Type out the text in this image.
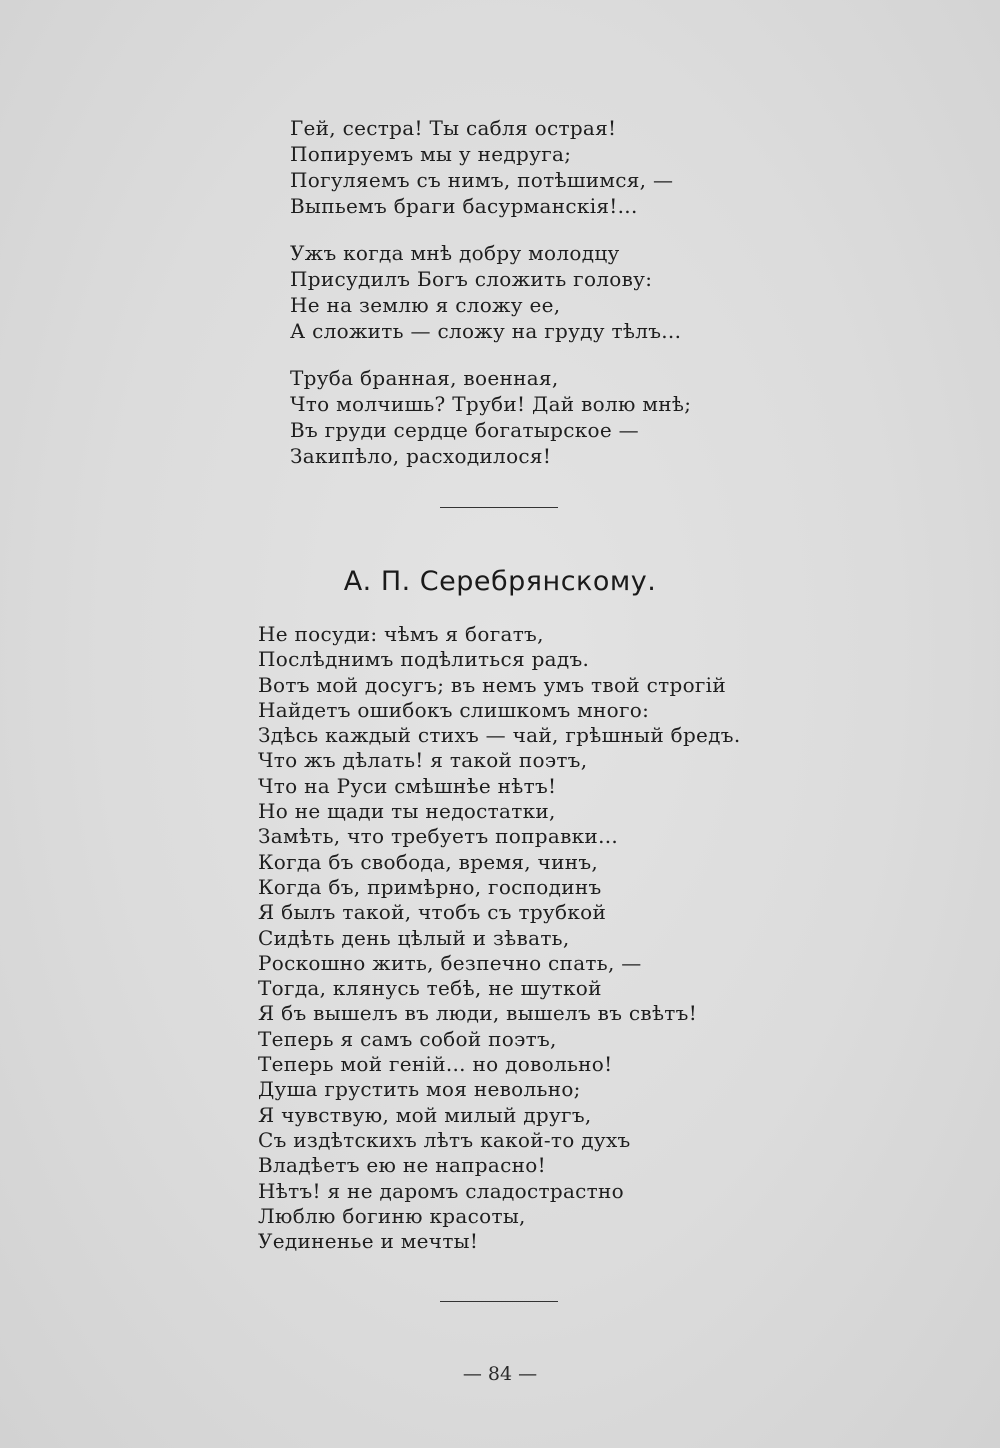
Гей, сестра! Ты сабля острая!
Попируемъ мы у недруга;
Погуляемъ съ нимъ, потѣшимся, —
Выпьемъ браги басурманскія!...
Ужъ когда мнѣ добру молодцу
Присудилъ Богъ сложить голову:
Не на землю я сложу ее,
А сложить — сложу на груду тѣлъ...
Труба бранная, военная,
Что молчишь? Труби! Дай волю мнѣ;
Въ груди сердце богатырское —
Закипѣло, расходилося!
А. П. Серебрянскому.
Не посуди: чѣмъ я богатъ,
Послѣднимъ подѣлиться радъ.
Вотъ мой досугъ; въ немъ умъ твой строгій
Найдетъ ошибокъ слишкомъ много:
Здѣсь каждый стихъ — чай, грѣшный бредъ.
Что жъ дѣлать! я такой поэтъ,
Что на Руси смѣшнѣе нѣтъ!
Но не щади ты недостатки,
Замѣть, что требуетъ поправки...
Когда бъ свобода, время, чинъ,
Когда бъ, примѣрно, господинъ
Я былъ такой, чтобъ съ трубкой
Сидѣть день цѣлый и зѣвать,
Роскошно жить, безпечно спать, —
Тогда, клянусь тебѣ, не шуткой
Я бъ вышелъ въ люди, вышелъ въ свѣтъ!
Теперь я самъ собой поэтъ,
Теперь мой геній... но довольно!
Душа грустить моя невольно;
Я чувствую, мой милый другъ,
Съ издѣтскихъ лѣтъ какой-то духъ
Владѣетъ ею не напрасно!
Нѣтъ! я не даромъ сладострастно
Люблю богиню красоты,
Уединенье и мечты!
— 84 —
